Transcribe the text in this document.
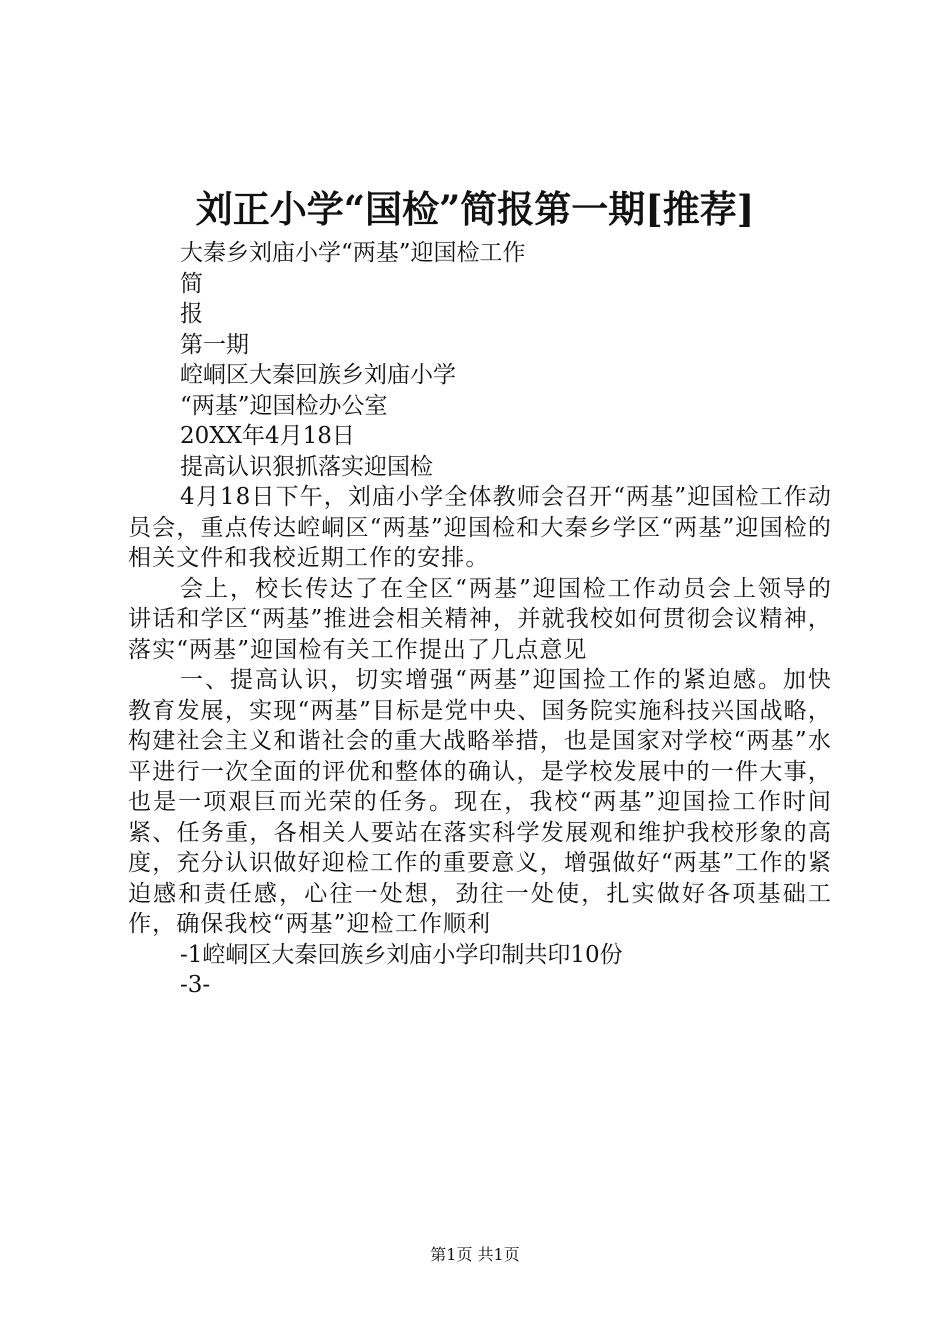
刘正小学“国检”简报第一期[推荐]
大秦乡刘庙小学“两基”迎国检工作
简
报
第一期
崆峒区大秦回族乡刘庙小学
“两基”迎国检办公室
20XX年4月18日
提高认识狠抓落实迎国检

4月18日下午，刘庙小学全体教师会召开“两基”迎国检工作动员会，重点传达崆峒区“两基”迎国检和大秦乡学区“两基”迎国检的相关文件和我校近期工作的安排。

会上，校长传达了在全区“两基”迎国检工作动员会上领导的讲话和学区“两基”推进会相关精神，并就我校如何贯彻会议精神，落实“两基”迎国检有关工作提出了几点意见

一、提高认识，切实增强“两基”迎国捡工作的紧迫感。加快教育发展，实现“两基”目标是党中央、国务院实施科技兴国战略，构建社会主义和谐社会的重大战略举措，也是国家对学校“两基”水平进行一次全面的评优和整体的确认，是学校发展中的一件大事，也是一项艰巨而光荣的任务。现在，我校“两基”迎国捡工作时间紧、任务重，各相关人要站在落实科学发展观和维护我校形象的高度，充分认识做好迎检工作的重要意义，增强做好“两基”工作的紧迫感和责任感，心往一处想，劲往一处使，扎实做好各项基础工作，确保我校“两基”迎检工作顺利

-1崆峒区大秦回族乡刘庙小学印制共印10份
-3-
第1页 共1页
